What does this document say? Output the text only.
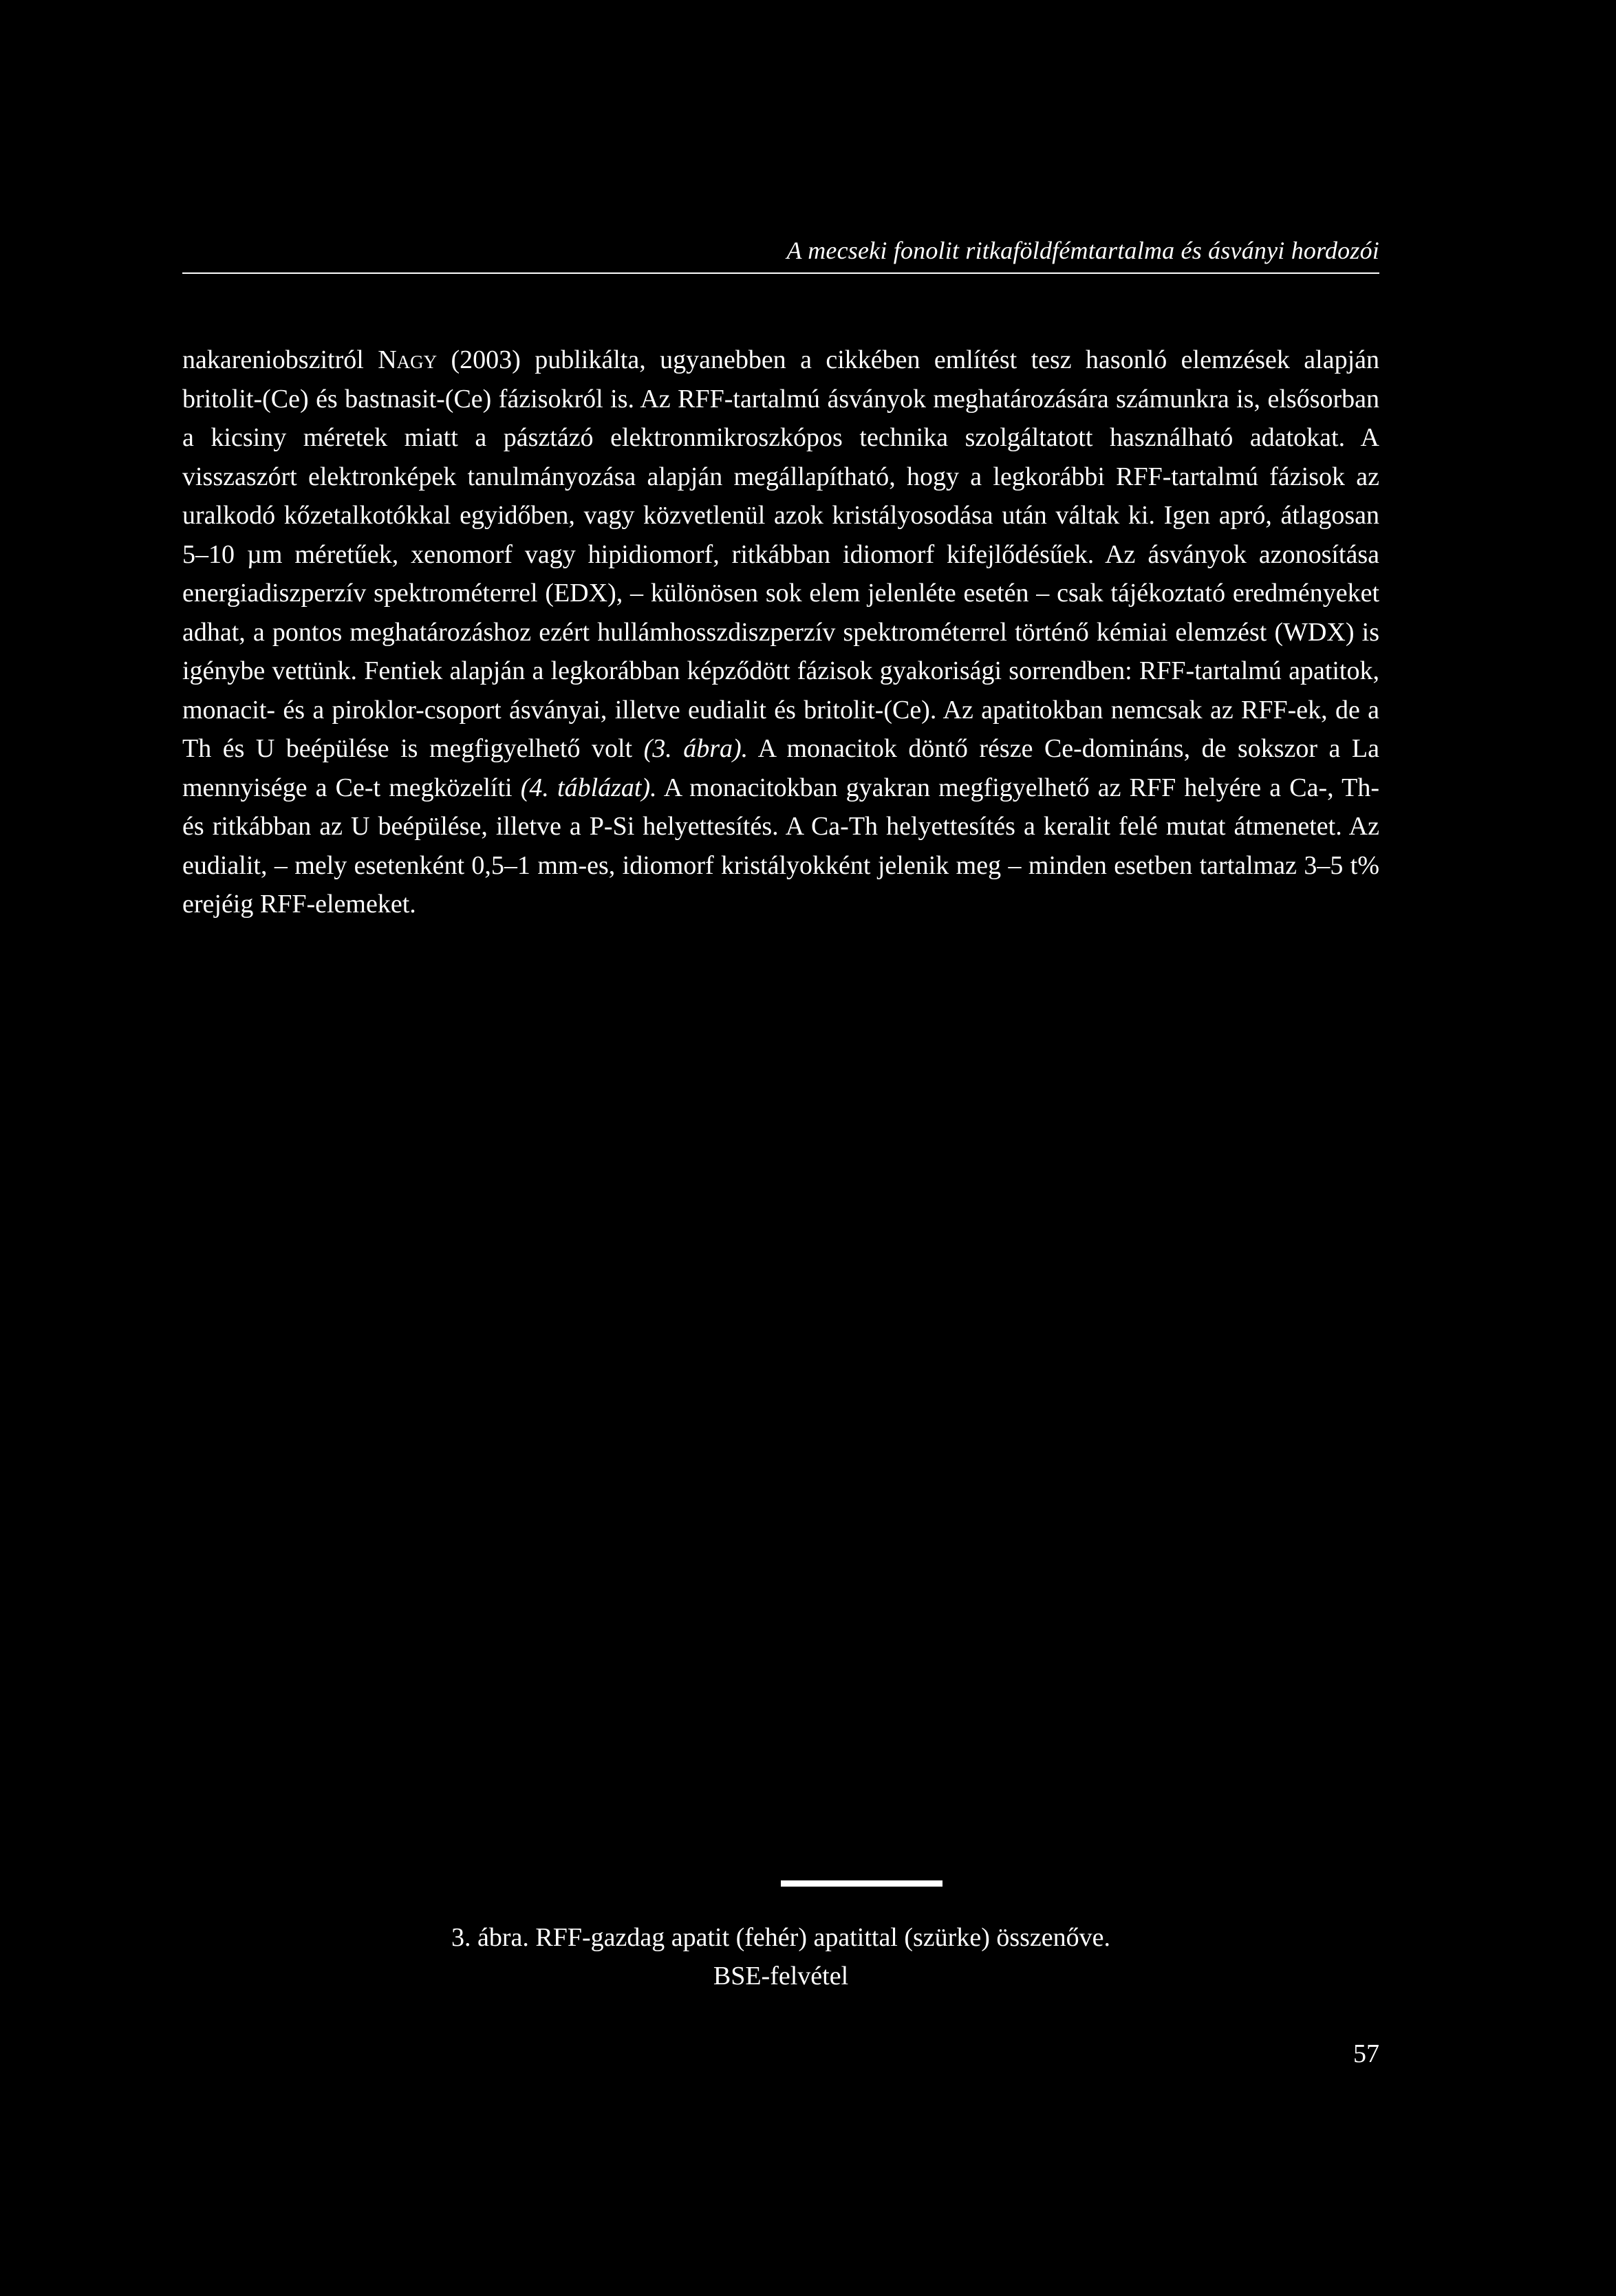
A mecseki fonolit ritkaföldfémtartalma és ásványi hordozói

nakareniobszitról Nagy (2003) publikálta, ugyanebben a cikkében említést tesz hasonló elemzések alapján britolit-(Ce) és bastnasit-(Ce) fázisokról is. Az RFF-tartalmú ásványok meghatározására számunkra is, elsősorban a kicsiny méretek miatt a pásztázó elektronmikroszkópos technika szolgáltatott használható adatokat. A visszaszórt elektronképek tanulmányozása alapján megállapítható, hogy a legkorábbi RFF-tartalmú fázisok az uralkodó kőzetalkotókkal egyidőben, vagy közvetlenül azok kristályosodása után váltak ki. Igen apró, átlagosan 5–10 µm méretűek, xenomorf vagy hipidiomorf, ritkábban idiomorf kifejlődésűek. Az ásványok azonosítása energiadiszperzív spektrométerrel (EDX), – különösen sok elem jelenléte esetén – csak tájékoztató eredményeket adhat, a pontos meghatározáshoz ezért hullámhosszdiszperzív spektrométerrel történő kémiai elemzést (WDX) is igénybe vettünk. Fentiek alapján a legkorábban képződött fázisok gyakorisági sorrendben: RFF-tartalmú apatitok, monacit- és a piroklor-csoport ásványai, illetve eudialit és britolit-(Ce). Az apatitokban nemcsak az RFF-ek, de a Th és U beépülése is megfigyelhető volt (3. ábra). A monacitok döntő része Ce-domináns, de sokszor a La mennyisége a Ce-t megközelíti (4. táblázat). A monacitokban gyakran megfigyelhető az RFF helyére a Ca-, Th- és ritkábban az U beépülése, illetve a P-Si helyettesítés. A Ca-Th helyettesítés a keralit felé mutat átmenetet. Az eudialit, – mely esetenként 0,5–1 mm-es, idiomorf kristályokként jelenik meg – minden esetben tartalmaz 3–5 t% erejéig RFF-elemeket.

3. ábra. RFF-gazdag apatit (fehér) apatittal (szürke) összenőve.
BSE-felvétel

57
